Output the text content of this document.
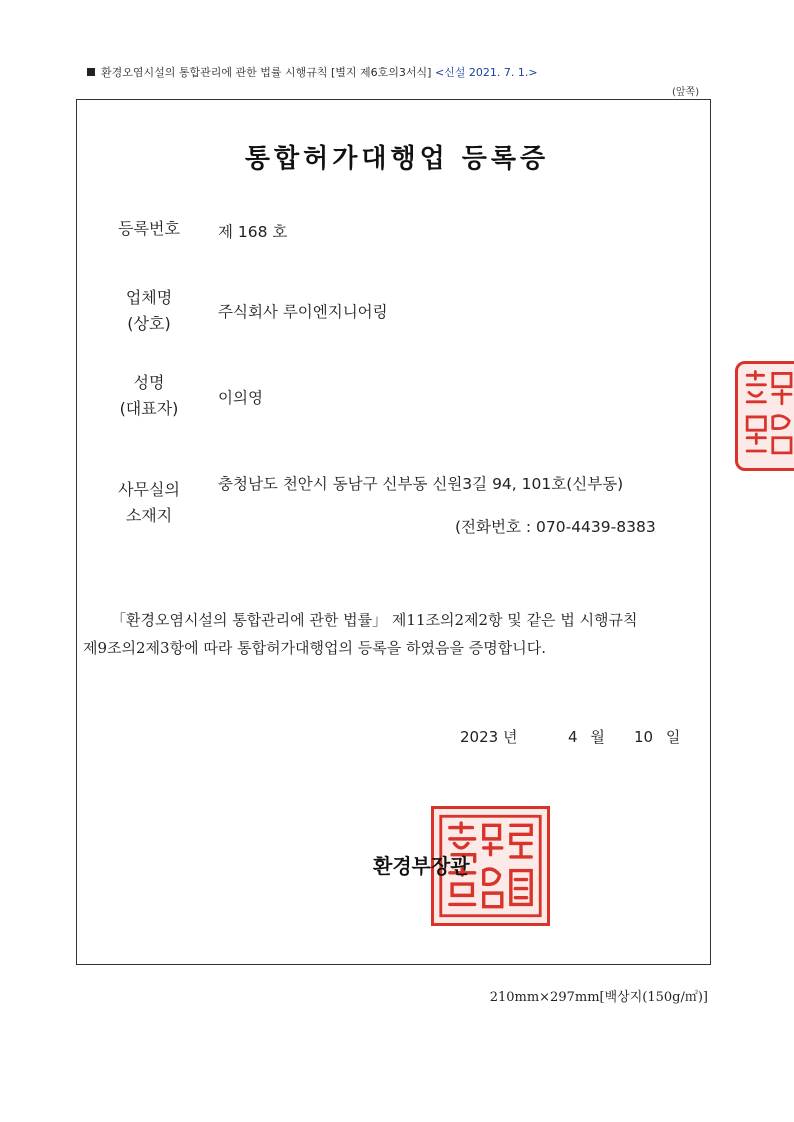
환경오염시설의 통합관리에 관한 법률 시행규칙 [별지 제6호의3서식] <신설 2021. 7. 1.>
(앞쪽)
통합허가대행업 등록증
등록번호	제 168 호
업체명
(상호)
주식회사 루이엔지니어링
성명
(대표자)
이의영
사무실의
소재지
충청남도 천안시 동남구 신부동 신원3길 94, 101호(신부동)
(전화번호 : 070-4439-8383
「환경오염시설의 통합관리에 관한 법률」 제11조의2제2항 및 같은 법 시행규칙
제9조의2제3항에 따라 통합허가대행업의 등록을 하였음을 증명합니다.
2023 년	4 월 10 일
환경부장관
210mm×297mm[백상지(150g/㎡)]
